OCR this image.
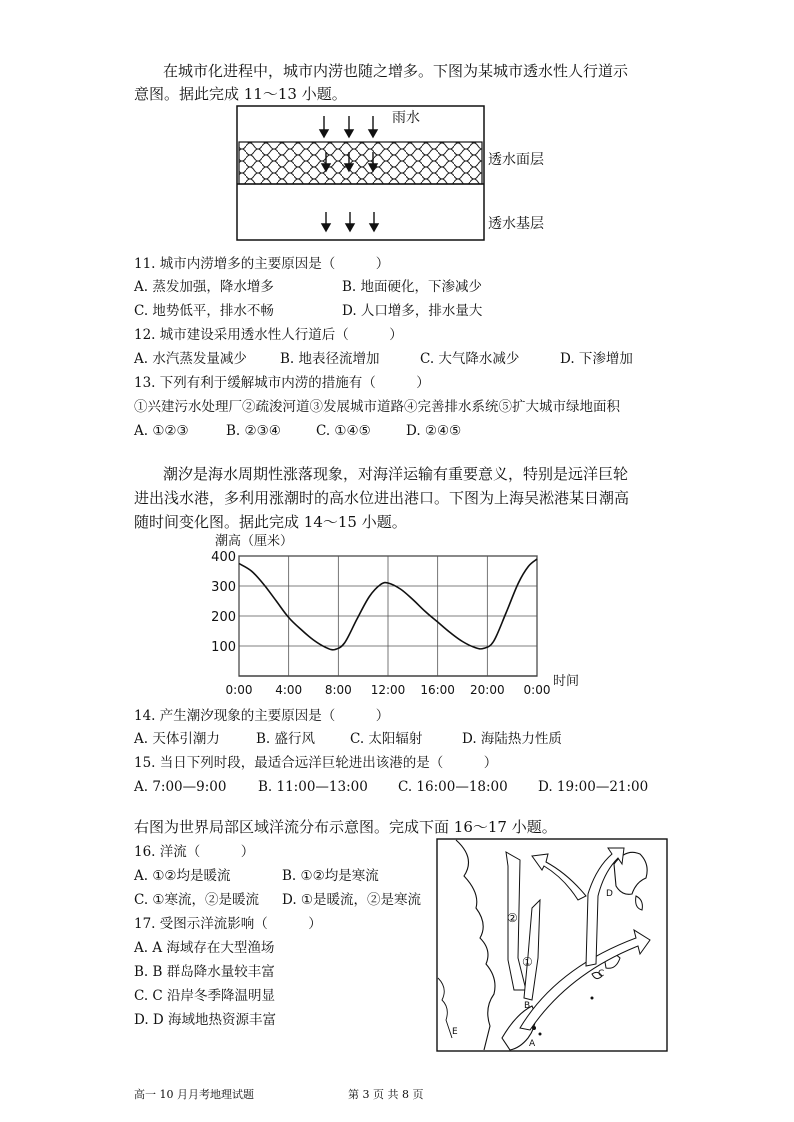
在城市化进程中，城市内涝也随之增多。下图为某城市透水性人行道示
意图。据此完成 11～13 小题。
雨水
透水面层
透水基层
11. 城市内涝增多的主要原因是（　　　）
A. 蒸发加强，降水增多	B. 地面硬化，下渗减少
C. 地势低平，排水不畅	D. 人口增多，排水量大
12. 城市建设采用透水性人行道后（　　　）
A. 水汽蒸发量减少 B. 地表径流增加	C. 大气降水减少	D. 下渗增加
13. 下列有利于缓解城市内涝的措施有（　　　）
①兴建污水处理厂②疏浚河道③发展城市道路④完善排水系统⑤扩大城市绿地面积
A. ①②③	B. ②③④	C. ①④⑤	D. ②④⑤
潮汐是海水周期性涨落现象，对海洋运输有重要意义，特别是远洋巨轮
进出浅水港，多利用涨潮时的高水位进出港口。下图为上海吴淞港某日潮高
随时间变化图。据此完成 14～15 小题。
潮高（厘米）
400
300
200
100
0:00 4:00 8:00 12:00 16:00 20:00 0:00
时间
14. 产生潮汐现象的主要原因是（　　　）
A. 天体引潮力	B. 盛行风	C. 太阳辐射	D. 海陆热力性质
15. 当日下列时段，最适合远洋巨轮进出该港的是（　　　）
A. 7:00—9:00 B. 11:00—13:00 C. 16:00—18:00 D. 19:00—21:00
右图为世界局部区域洋流分布示意图。完成下面 16～17 小题。
16. 洋流（　　　）
A. ①②均是暖流	B. ①②均是寒流
C. ①寒流，②是暖流 D. ①是暖流，②是寒流
17. 受图示洋流影响（　　　）
A. A 海域存在大型渔场
B. B 群岛降水量较丰富
C. C 沿岸冬季降温明显
D. D 海域地热资源丰富
②
①
A
B
C
D
E
高一 10 月月考地理试题	第 3 页 共 8 页
